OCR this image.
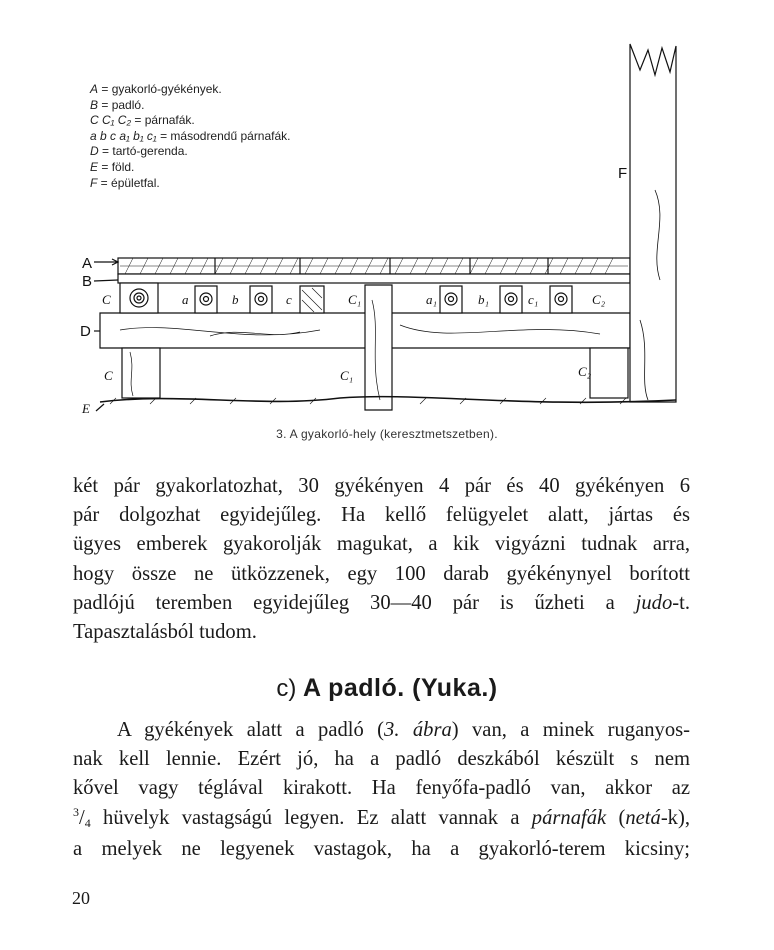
A
B
C
D
C
E
F
a	b	c	C₁	a₁	b₁	c₁	C₂
C₁	C₂
A = gyakorló-gyékények.
B = padló.
C C₁ C₂ = párnafák.
a b c a₁ b₁ c₁ = másodrendű párnafák.
D = tartó-gerenda.
E = föld.
F = épületfal.
3. A gyakorló-hely (keresztmetszetben).
két pár gyakorlatozhat, 30 gyékényen 4 pár és 40 gyékényen 6
pár dolgozhat egyidejűleg. Ha kellő felügyelet alatt, jártas és
ügyes emberek gyakorolják magukat, a kik vigyázni tudnak arra,
hogy össze ne ütközzenek, egy 100 darab gyékénynyel borított
padlójú teremben egyidejűleg 30—40 pár is űzheti a judo-t.
Tapasztalásból tudom.
c) A padló. (Yuka.)
A gyékények alatt a padló (3. ábra) van, a minek ruganyos-
nak kell lennie. Ezért jó, ha a padló deszkából készült s nem
kővel vagy téglával kirakott. Ha fenyőfa-padló van, akkor az
$^3$/4 hüvelyk vastagságú legyen. Ez alatt vannak a párnafák (netá-k),
a melyek ne legyenek vastagok, ha a gyakorló-terem kicsiny;
20
